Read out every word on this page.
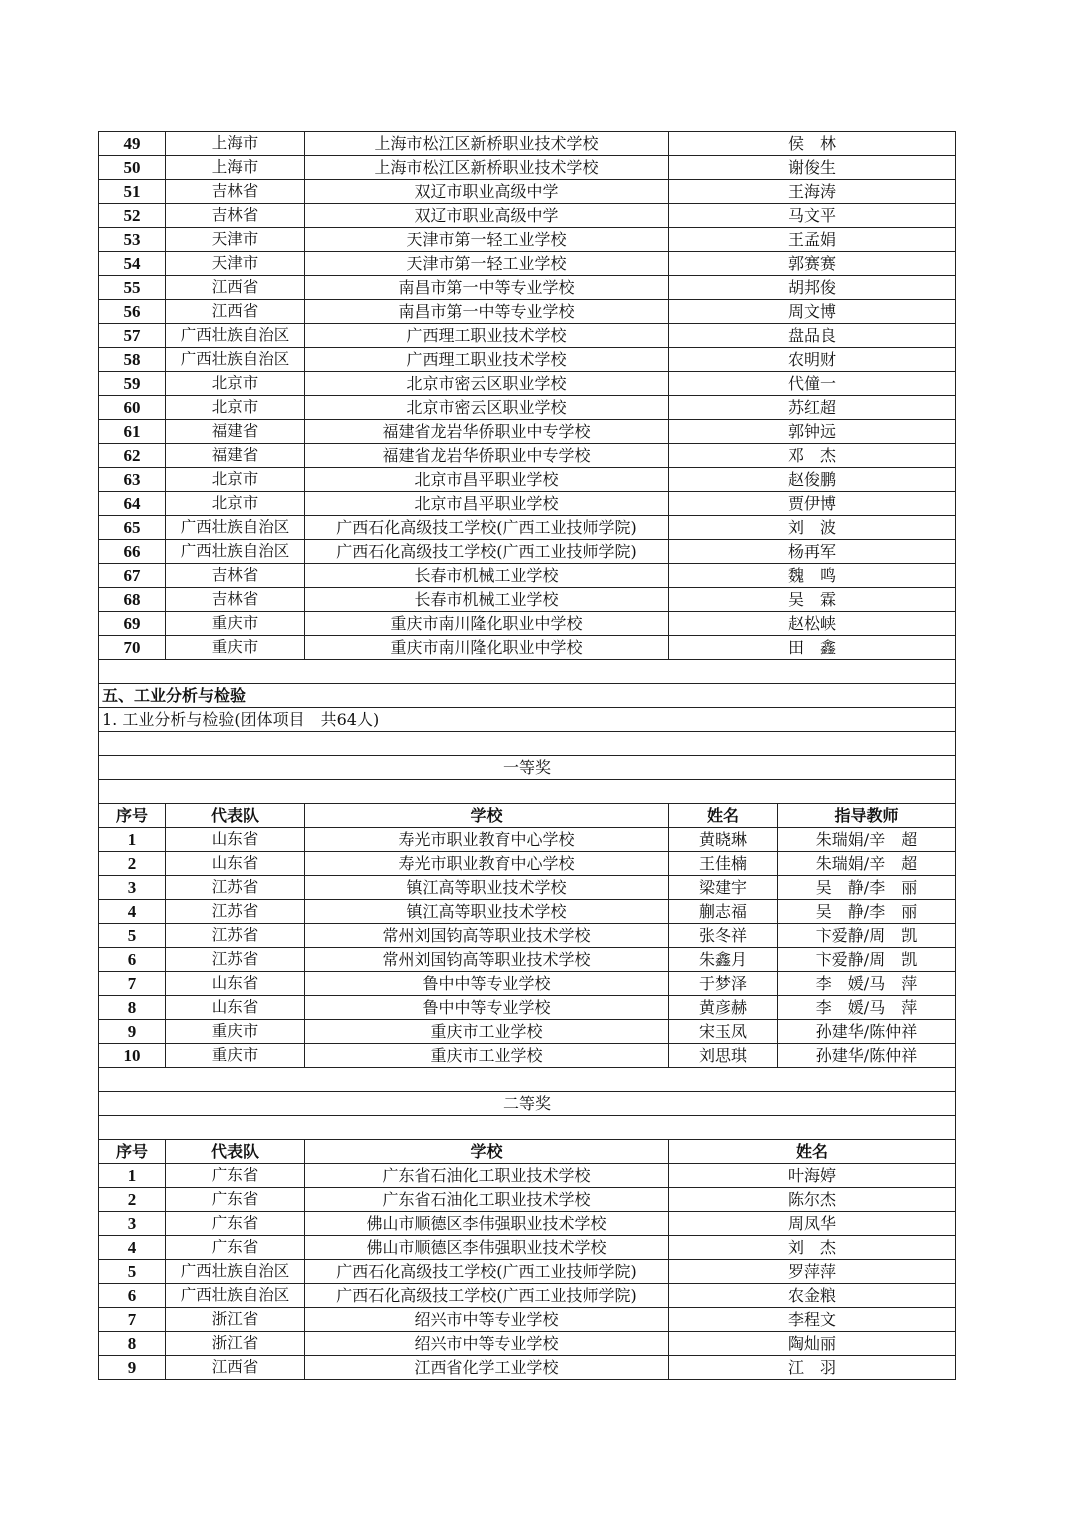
49	上海市	上海市松江区新桥职业技术学校	侯　林	
50	上海市	上海市松江区新桥职业技术学校	谢俊生	
51	吉林省	双辽市职业高级中学	王海涛	
52	吉林省	双辽市职业高级中学	马文平	
53	天津市	天津市第一轻工业学校	王孟娟	
54	天津市	天津市第一轻工业学校	郭赛赛	
55	江西省	南昌市第一中等专业学校	胡邦俊	
56	江西省	南昌市第一中等专业学校	周文博	
57	广西壮族自治区	广西理工职业技术学校	盘品良	
58	广西壮族自治区	广西理工职业技术学校	农明财	
59	北京市	北京市密云区职业学校	代僮一	
60	北京市	北京市密云区职业学校	苏红超	
61	福建省	福建省龙岩华侨职业中专学校	郭钟远	
62	福建省	福建省龙岩华侨职业中专学校	邓　杰	
63	北京市	北京市昌平职业学校	赵俊鹏	
64	北京市	北京市昌平职业学校	贾伊博	
65	广西壮族自治区	广西石化高级技工学校(广西工业技师学院)	刘　波	
66	广西壮族自治区	广西石化高级技工学校(广西工业技师学院)	杨再军	
67	吉林省	长春市机械工业学校	魏　鸣	
68	吉林省	长春市机械工业学校	吴　霖	
69	重庆市	重庆市南川隆化职业中学校	赵松峡	
70	重庆市	重庆市南川隆化职业中学校	田　鑫	

五、工业分析与检验				
1. 工业分析与检验(团体项目　共64人)				

一等奖				

序号	代表队	学校	姓名	指导教师
1	山东省	寿光市职业教育中心学校	黄晓琳	朱瑞娟/辛　超
2	山东省	寿光市职业教育中心学校	王佳楠	朱瑞娟/辛　超
3	江苏省	镇江高等职业技术学校	梁建宇	吴　静/李　丽
4	江苏省	镇江高等职业技术学校	蒯志福	吴　静/李　丽
5	江苏省	常州刘国钧高等职业技术学校	张冬祥	卞爱静/周　凯
6	江苏省	常州刘国钧高等职业技术学校	朱鑫月	卞爱静/周　凯
7	山东省	鲁中中等专业学校	于梦泽	李　媛/马　萍
8	山东省	鲁中中等专业学校	黄彦赫	李　媛/马　萍
9	重庆市	重庆市工业学校	宋玉凤	孙建华/陈仲祥
10	重庆市	重庆市工业学校	刘思琪	孙建华/陈仲祥

二等奖				

序号	代表队	学校	姓名	
1	广东省	广东省石油化工职业技术学校	叶海婷	
2	广东省	广东省石油化工职业技术学校	陈尔杰	
3	广东省	佛山市顺德区李伟强职业技术学校	周凤华	
4	广东省	佛山市顺德区李伟强职业技术学校	刘　杰	
5	广西壮族自治区	广西石化高级技工学校(广西工业技师学院)	罗萍萍	
6	广西壮族自治区	广西石化高级技工学校(广西工业技师学院)	农金粮	
7	浙江省	绍兴市中等专业学校	李程文	
8	浙江省	绍兴市中等专业学校	陶灿丽	
9	江西省	江西省化学工业学校	江　羽	
